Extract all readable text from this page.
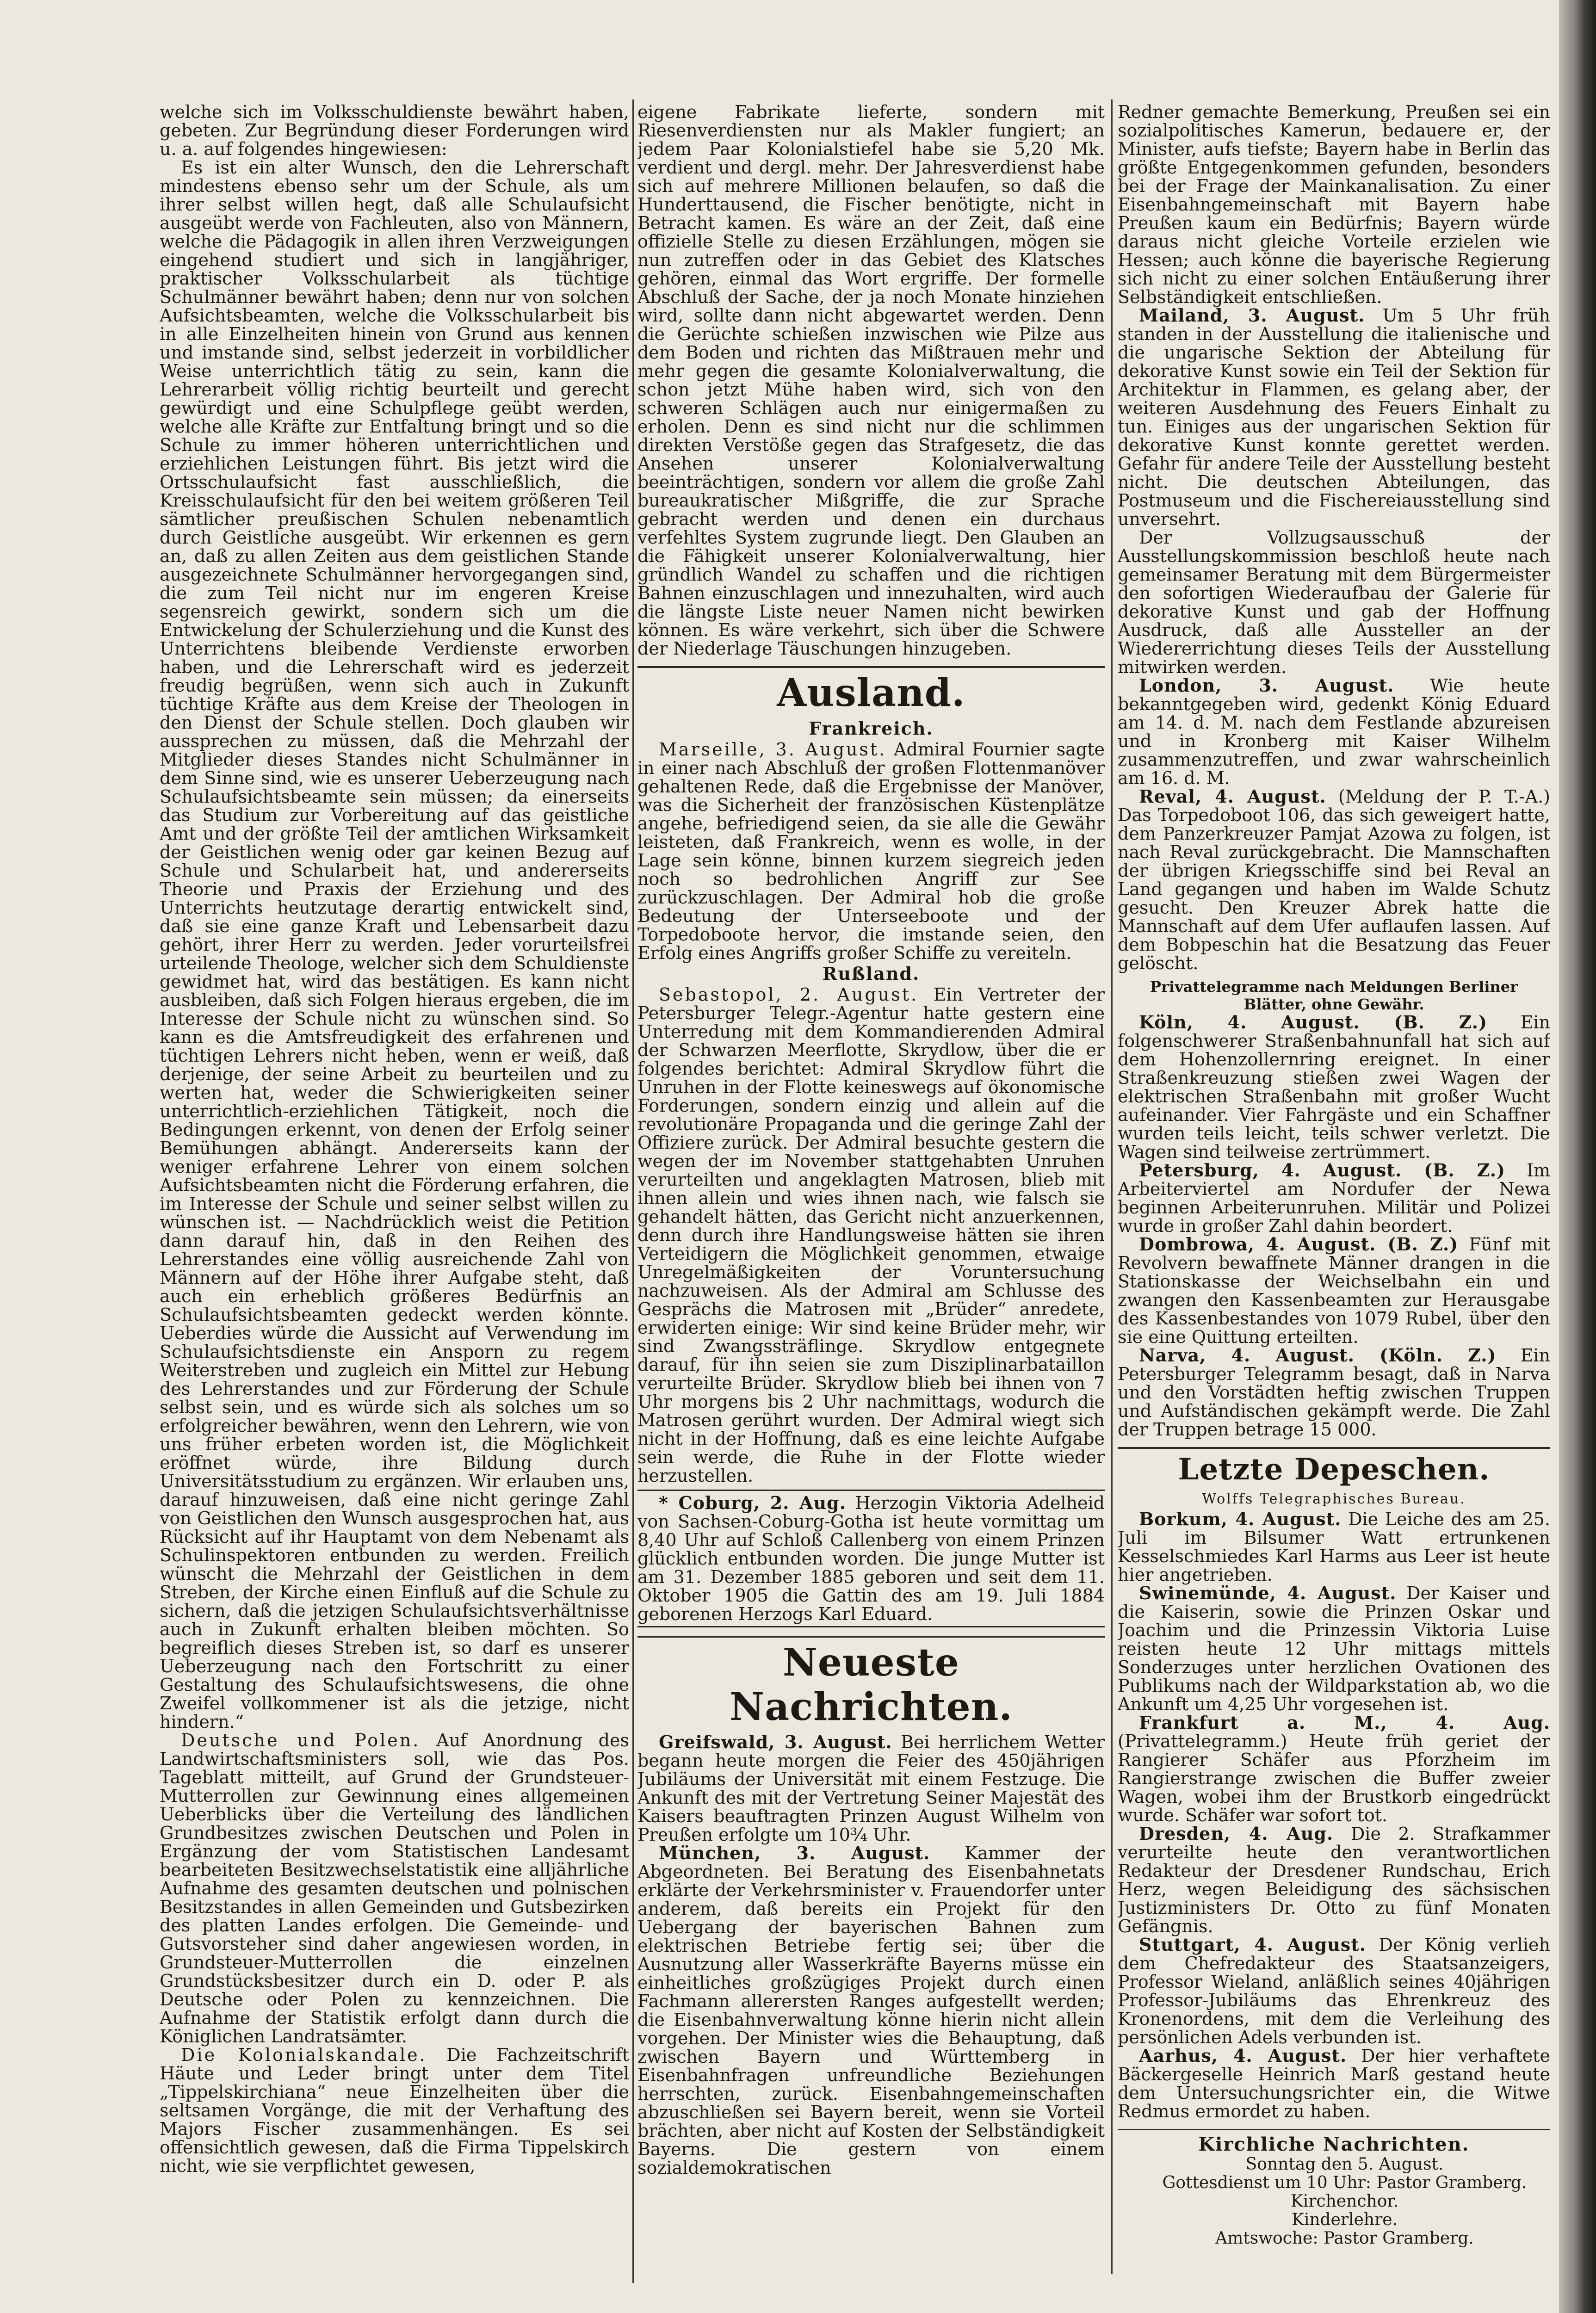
welche sich im Volksschuldienste bewährt haben, gebeten. Zur Begründung dieser Forderungen wird u. a. auf folgendes hingewiesen:

Es ist ein alter Wunsch, den die Lehrerschaft mindestens ebenso sehr um der Schule, als um ihrer selbst willen hegt, daß alle Schulaufsicht ausgeübt werde von Fachleuten, also von Männern, welche die Pädagogik in allen ihren Verzweigungen eingehend studiert und sich in langjähriger, praktischer Volksschularbeit als tüchtige Schulmänner bewährt haben; denn nur von solchen Aufsichtsbeamten, welche die Volksschularbeit bis in alle Einzelheiten hinein von Grund aus kennen und imstande sind, selbst jederzeit in vorbildlicher Weise unterrichtlich tätig zu sein, kann die Lehrerarbeit völlig richtig beurteilt und gerecht gewürdigt und eine Schulpflege geübt werden, welche alle Kräfte zur Entfaltung bringt und so die Schule zu immer höheren unterrichtlichen und erziehlichen Leistungen führt. Bis jetzt wird die Ortsschulaufsicht fast ausschließlich, die Kreisschulaufsicht für den bei weitem größeren Teil sämtlicher preußischen Schulen nebenamtlich durch Geistliche ausgeübt. Wir erkennen es gern an, daß zu allen Zeiten aus dem geistlichen Stande ausgezeichnete Schulmänner hervorgegangen sind, die zum Teil nicht nur im engeren Kreise segensreich gewirkt, sondern sich um die Entwickelung der Schulerziehung und die Kunst des Unterrichtens bleibende Verdienste erworben haben, und die Lehrerschaft wird es jederzeit freudig begrüßen, wenn sich auch in Zukunft tüchtige Kräfte aus dem Kreise der Theologen in den Dienst der Schule stellen. Doch glauben wir aussprechen zu müssen, daß die Mehrzahl der Mitglieder dieses Standes nicht Schulmänner in dem Sinne sind, wie es unserer Ueberzeugung nach Schulaufsichtsbeamte sein müssen; da einerseits das Studium zur Vorbereitung auf das geistliche Amt und der größte Teil der amtlichen Wirksamkeit der Geistlichen wenig oder gar keinen Bezug auf Schule und Schularbeit hat, und andererseits Theorie und Praxis der Erziehung und des Unterrichts heutzutage derartig entwickelt sind, daß sie eine ganze Kraft und Lebensarbeit dazu gehört, ihrer Herr zu werden. Jeder vorurteilsfrei urteilende Theologe, welcher sich dem Schuldienste gewidmet hat, wird das bestätigen. Es kann nicht ausbleiben, daß sich Folgen hieraus ergeben, die im Interesse der Schule nicht zu wünschen sind. So kann es die Amtsfreudigkeit des erfahrenen und tüchtigen Lehrers nicht heben, wenn er weiß, daß derjenige, der seine Arbeit zu beurteilen und zu werten hat, weder die Schwierigkeiten seiner unterrichtlich-erziehlichen Tätigkeit, noch die Bedingungen erkennt, von denen der Erfolg seiner Bemühungen abhängt. Andererseits kann der weniger erfahrene Lehrer von einem solchen Aufsichtsbeamten nicht die Förderung erfahren, die im Interesse der Schule und seiner selbst willen zu wünschen ist. — Nachdrücklich weist die Petition dann darauf hin, daß in den Reihen des Lehrerstandes eine völlig ausreichende Zahl von Männern auf der Höhe ihrer Aufgabe steht, daß auch ein erheblich größeres Bedürfnis an Schulaufsichtsbeamten gedeckt werden könnte. Ueberdies würde die Aussicht auf Verwendung im Schulaufsichtsdienste ein Ansporn zu regem Weiterstreben und zugleich ein Mittel zur Hebung des Lehrerstandes und zur Förderung der Schule selbst sein, und es würde sich als solches um so erfolgreicher bewähren, wenn den Lehrern, wie von uns früher erbeten worden ist, die Möglichkeit eröffnet würde, ihre Bildung durch Universitätsstudium zu ergänzen. Wir erlauben uns, darauf hinzuweisen, daß eine nicht geringe Zahl von Geistlichen den Wunsch ausgesprochen hat, aus Rücksicht auf ihr Hauptamt von dem Nebenamt als Schulinspektoren entbunden zu werden. Freilich wünscht die Mehrzahl der Geistlichen in dem Streben, der Kirche einen Einfluß auf die Schule zu sichern, daß die jetzigen Schulaufsichtsverhältnisse auch in Zukunft erhalten bleiben möchten. So begreiflich dieses Streben ist, so darf es unserer Ueberzeugung nach den Fortschritt zu einer Gestaltung des Schulaufsichtswesens, die ohne Zweifel vollkommener ist als die jetzige, nicht hindern.“

Deutsche und Polen. Auf Anordnung des Landwirtschaftsministers soll, wie das Pos. Tageblatt mitteilt, auf Grund der Grundsteuer-Mutterrollen zur Gewinnung eines allgemeinen Ueberblicks über die Verteilung des ländlichen Grundbesitzes zwischen Deutschen und Polen in Ergänzung der vom Statistischen Landesamt bearbeiteten Besitzwechselstatistik eine alljährliche Aufnahme des gesamten deutschen und polnischen Besitzstandes in allen Gemeinden und Gutsbezirken des platten Landes erfolgen. Die Gemeinde- und Gutsvorsteher sind daher angewiesen worden, in Grundsteuer-Mutterrollen die einzelnen Grundstücksbesitzer durch ein D. oder P. als Deutsche oder Polen zu kennzeichnen. Die Aufnahme der Statistik erfolgt dann durch die Königlichen Landratsämter.

Die Kolonialskandale. Die Fachzeitschrift Häute und Leder bringt unter dem Titel „Tippelskirchiana“ neue Einzelheiten über die seltsamen Vorgänge, die mit der Verhaftung des Majors Fischer zusammenhängen. Es sei offensichtlich gewesen, daß die Firma Tippelskirch nicht, wie sie verpflichtet gewesen,

eigene Fabrikate lieferte, sondern mit Riesenverdiensten nur als Makler fungiert; an jedem Paar Kolonialstiefel habe sie 5,20 Mk. verdient und dergl. mehr. Der Jahresverdienst habe sich auf mehrere Millionen belaufen, so daß die Hunderttausend, die Fischer benötigte, nicht in Betracht kamen. Es wäre an der Zeit, daß eine offizielle Stelle zu diesen Erzählungen, mögen sie nun zutreffen oder in das Gebiet des Klatsches gehören, einmal das Wort ergriffe. Der formelle Abschluß der Sache, der ja noch Monate hinziehen wird, sollte dann nicht abgewartet werden. Denn die Gerüchte schießen inzwischen wie Pilze aus dem Boden und richten das Mißtrauen mehr und mehr gegen die gesamte Kolonialverwaltung, die schon jetzt Mühe haben wird, sich von den schweren Schlägen auch nur einigermaßen zu erholen. Denn es sind nicht nur die schlimmen direkten Verstöße gegen das Strafgesetz, die das Ansehen unserer Kolonialverwaltung beeinträchtigen, sondern vor allem die große Zahl bureaukratischer Mißgriffe, die zur Sprache gebracht werden und denen ein durchaus verfehltes System zugrunde liegt. Den Glauben an die Fähigkeit unserer Kolonialverwaltung, hier gründlich Wandel zu schaffen und die richtigen Bahnen einzuschlagen und innezuhalten, wird auch die längste Liste neuer Namen nicht bewirken können. Es wäre verkehrt, sich über die Schwere der Niederlage Täuschungen hinzugeben.

Ausland.
Frankreich.

Marseille, 3. August. Admiral Fournier sagte in einer nach Abschluß der großen Flottenmanöver gehaltenen Rede, daß die Ergebnisse der Manöver, was die Sicherheit der französischen Küstenplätze angehe, befriedigend seien, da sie alle die Gewähr leisteten, daß Frankreich, wenn es wolle, in der Lage sein könne, binnen kurzem siegreich jeden noch so bedrohlichen Angriff zur See zurückzuschlagen. Der Admiral hob die große Bedeutung der Unterseeboote und der Torpedoboote hervor, die imstande seien, den Erfolg eines Angriffs großer Schiffe zu vereiteln.

Rußland.

Sebastopol, 2. August. Ein Vertreter der Petersburger Telegr.-Agentur hatte gestern eine Unterredung mit dem Kommandierenden Admiral der Schwarzen Meerflotte, Skrydlow, über die er folgendes berichtet: Admiral Skrydlow führt die Unruhen in der Flotte keineswegs auf ökonomische Forderungen, sondern einzig und allein auf die revolutionäre Propaganda und die geringe Zahl der Offiziere zurück. Der Admiral besuchte gestern die wegen der im November stattgehabten Unruhen verurteilten und angeklagten Matrosen, blieb mit ihnen allein und wies ihnen nach, wie falsch sie gehandelt hätten, das Gericht nicht anzuerkennen, denn durch ihre Handlungsweise hätten sie ihren Verteidigern die Möglichkeit genommen, etwaige Unregelmäßigkeiten der Voruntersuchung nachzuweisen. Als der Admiral am Schlusse des Gesprächs die Matrosen mit „Brüder“ anredete, erwiderten einige: Wir sind keine Brüder mehr, wir sind Zwangssträflinge. Skrydlow entgegnete darauf, für ihn seien sie zum Disziplinarbataillon verurteilte Brüder. Skrydlow blieb bei ihnen von 7 Uhr morgens bis 2 Uhr nachmittags, wodurch die Matrosen gerührt wurden. Der Admiral wiegt sich nicht in der Hoffnung, daß es eine leichte Aufgabe sein werde, die Ruhe in der Flotte wieder herzustellen.

* Coburg, 2. Aug. Herzogin Viktoria Adelheid von Sachsen-Coburg-Gotha ist heute vormittag um 8,40 Uhr auf Schloß Callenberg von einem Prinzen glücklich entbunden worden. Die junge Mutter ist am 31. Dezember 1885 geboren und seit dem 11. Oktober 1905 die Gattin des am 19. Juli 1884 geborenen Herzogs Karl Eduard.

Neueste Nachrichten.

Greifswald, 3. August. Bei herrlichem Wetter begann heute morgen die Feier des 450jährigen Jubiläums der Universität mit einem Festzuge. Die Ankunft des mit der Vertretung Seiner Majestät des Kaisers beauftragten Prinzen August Wilhelm von Preußen erfolgte um 10¾ Uhr.

München, 3. August. Kammer der Abgeordneten. Bei Beratung des Eisenbahnetats erklärte der Verkehrsminister v. Frauendorfer unter anderem, daß bereits ein Projekt für den Uebergang der bayerischen Bahnen zum elektrischen Betriebe fertig sei; über die Ausnutzung aller Wasserkräfte Bayerns müsse ein einheitliches großzügiges Projekt durch einen Fachmann allerersten Ranges aufgestellt werden; die Eisenbahnverwaltung könne hierin nicht allein vorgehen. Der Minister wies die Behauptung, daß zwischen Bayern und Württemberg in Eisenbahnfragen unfreundliche Beziehungen herrschten, zurück. Eisenbahngemeinschaften abzuschließen sei Bayern bereit, wenn sie Vorteil brächten, aber nicht auf Kosten der Selbständigkeit Bayerns. Die gestern von einem sozialdemokratischen

Redner gemachte Bemerkung, Preußen sei ein sozialpolitisches Kamerun, bedauere er, der Minister, aufs tiefste; Bayern habe in Berlin das größte Entgegenkommen gefunden, besonders bei der Frage der Mainkanalisation. Zu einer Eisenbahngemeinschaft mit Bayern habe Preußen kaum ein Bedürfnis; Bayern würde daraus nicht gleiche Vorteile erzielen wie Hessen; auch könne die bayerische Regierung sich nicht zu einer solchen Entäußerung ihrer Selbständigkeit entschließen.

Mailand, 3. August. Um 5 Uhr früh standen in der Ausstellung die italienische und die ungarische Sektion der Abteilung für dekorative Kunst sowie ein Teil der Sektion für Architektur in Flammen, es gelang aber, der weiteren Ausdehnung des Feuers Einhalt zu tun. Einiges aus der ungarischen Sektion für dekorative Kunst konnte gerettet werden. Gefahr für andere Teile der Ausstellung besteht nicht. Die deutschen Abteilungen, das Postmuseum und die Fischereiausstellung sind unversehrt.

Der Vollzugsausschuß der Ausstellungskommission beschloß heute nach gemeinsamer Beratung mit dem Bürgermeister den sofortigen Wiederaufbau der Galerie für dekorative Kunst und gab der Hoffnung Ausdruck, daß alle Aussteller an der Wiedererrichtung dieses Teils der Ausstellung mitwirken werden.

London, 3. August. Wie heute bekanntgegeben wird, gedenkt König Eduard am 14. d. M. nach dem Festlande abzureisen und in Kronberg mit Kaiser Wilhelm zusammenzutreffen, und zwar wahrscheinlich am 16. d. M.

Reval, 4. August. (Meldung der P. T.-A.) Das Torpedoboot 106, das sich geweigert hatte, dem Panzerkreuzer Pamjat Azowa zu folgen, ist nach Reval zurückgebracht. Die Mannschaften der übrigen Kriegsschiffe sind bei Reval an Land gegangen und haben im Walde Schutz gesucht. Den Kreuzer Abrek hatte die Mannschaft auf dem Ufer auflaufen lassen. Auf dem Bobpeschin hat die Besatzung das Feuer gelöscht.

Privattelegramme nach Meldungen Berliner Blätter, ohne Gewähr.

Köln, 4. August. (B. Z.) Ein folgenschwerer Straßenbahnunfall hat sich auf dem Hohenzollernring ereignet. In einer Straßenkreuzung stießen zwei Wagen der elektrischen Straßenbahn mit großer Wucht aufeinander. Vier Fahrgäste und ein Schaffner wurden teils leicht, teils schwer verletzt. Die Wagen sind teilweise zertrümmert.

Petersburg, 4. August. (B. Z.) Im Arbeiterviertel am Nordufer der Newa beginnen Arbeiterunruhen. Militär und Polizei wurde in großer Zahl dahin beordert.

Dombrowa, 4. August. (B. Z.) Fünf mit Revolvern bewaffnete Männer drangen in die Stationskasse der Weichselbahn ein und zwangen den Kassenbeamten zur Herausgabe des Kassenbestandes von 1079 Rubel, über den sie eine Quittung erteilten.

Narva, 4. August. (Köln. Z.) Ein Petersburger Telegramm besagt, daß in Narva und den Vorstädten heftig zwischen Truppen und Aufständischen gekämpft werde. Die Zahl der Truppen betrage 15 000.

Letzte Depeschen.
Wolffs Telegraphisches Bureau.

Borkum, 4. August. Die Leiche des am 25. Juli im Bilsumer Watt ertrunkenen Kesselschmiedes Karl Harms aus Leer ist heute hier angetrieben.

Swinemünde, 4. August. Der Kaiser und die Kaiserin, sowie die Prinzen Oskar und Joachim und die Prinzessin Viktoria Luise reisten heute 12 Uhr mittags mittels Sonderzuges unter herzlichen Ovationen des Publikums nach der Wildparkstation ab, wo die Ankunft um 4,25 Uhr vorgesehen ist.

Frankfurt a. M., 4. Aug. (Privattelegramm.) Heute früh geriet der Rangierer Schäfer aus Pforzheim im Rangierstrange zwischen die Buffer zweier Wagen, wobei ihm der Brustkorb eingedrückt wurde. Schäfer war sofort tot.

Dresden, 4. Aug. Die 2. Strafkammer verurteilte heute den verantwortlichen Redakteur der Dresdener Rundschau, Erich Herz, wegen Beleidigung des sächsischen Justizministers Dr. Otto zu fünf Monaten Gefängnis.

Stuttgart, 4. August. Der König verlieh dem Chefredakteur des Staatsanzeigers, Professor Wieland, anläßlich seines 40jährigen Professor-Jubiläums das Ehrenkreuz des Kronenordens, mit dem die Verleihung des persönlichen Adels verbunden ist.

Aarhus, 4. August. Der hier verhaftete Bäckergeselle Heinrich Marß gestand heute dem Untersuchungsrichter ein, die Witwe Redmus ermordet zu haben.

Kirchliche Nachrichten.

Sonntag den 5. August.

Gottesdienst um 10 Uhr: Pastor Gramberg.

Kirchenchor.

Kinderlehre.

Amtswoche: Pastor Gramberg.
